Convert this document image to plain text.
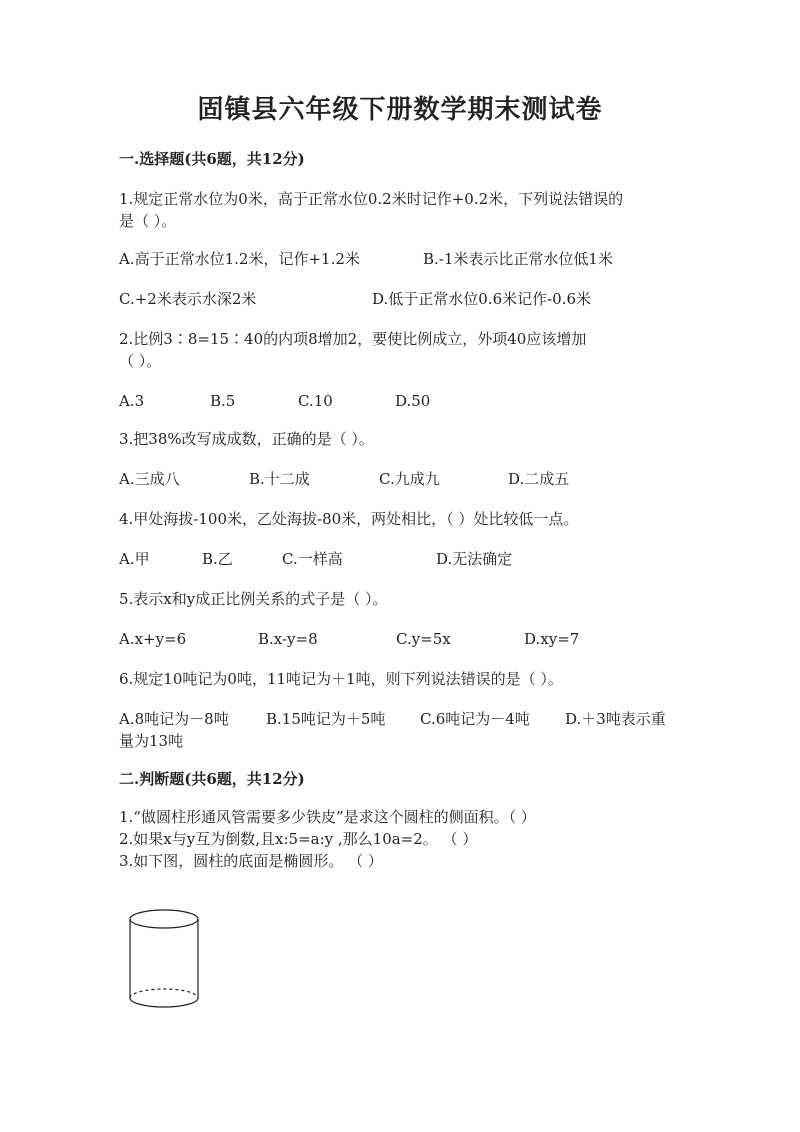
固镇县六年级下册数学期末测试卷
一.选择题(共6题，共12分)
1.规定正常水位为0米，高于正常水位0.2米时记作+0.2米，下列说法错误的
是（ ）。
A.高于正常水位1.2米，记作+1.2米	B.-1米表示比正常水位低1米
C.+2米表示水深2米	D.低于正常水位0.6米记作-0.6米
2.比例3∶8=15∶40的内项8增加2，要使比例成立，外项40应该增加
（ ）。
A.3	B.5	C.10	D.50
3.把38%改写成成数，正确的是（ ）。
A.三成八	B.十二成	C.九成九	D.二成五
4.甲处海拔-100米，乙处海拔-80米，两处相比，（ ）处比较低一点。
A.甲	B.乙	C.一样高	D.无法确定
5.表示x和y成正比例关系的式子是（ ）。
A.x+y=6	B.x-y=8	C.y=5x	D.xy=7
6.规定10吨记为0吨，11吨记为＋1吨，则下列说法错误的是（ ）。
A.8吨记为－8吨 B.15吨记为＋5吨 C.6吨记为－4吨 D.＋3吨表示重
量为13吨
二.判断题(共6题，共12分)
1.“做圆柱形通风管需要多少铁皮”是求这个圆柱的侧面积。（ ）
2.如果x与y互为倒数,且x:5=a:y ,那么10a=2。 （ ）
3.如下图，圆柱的底面是椭圆形。 （ ）
